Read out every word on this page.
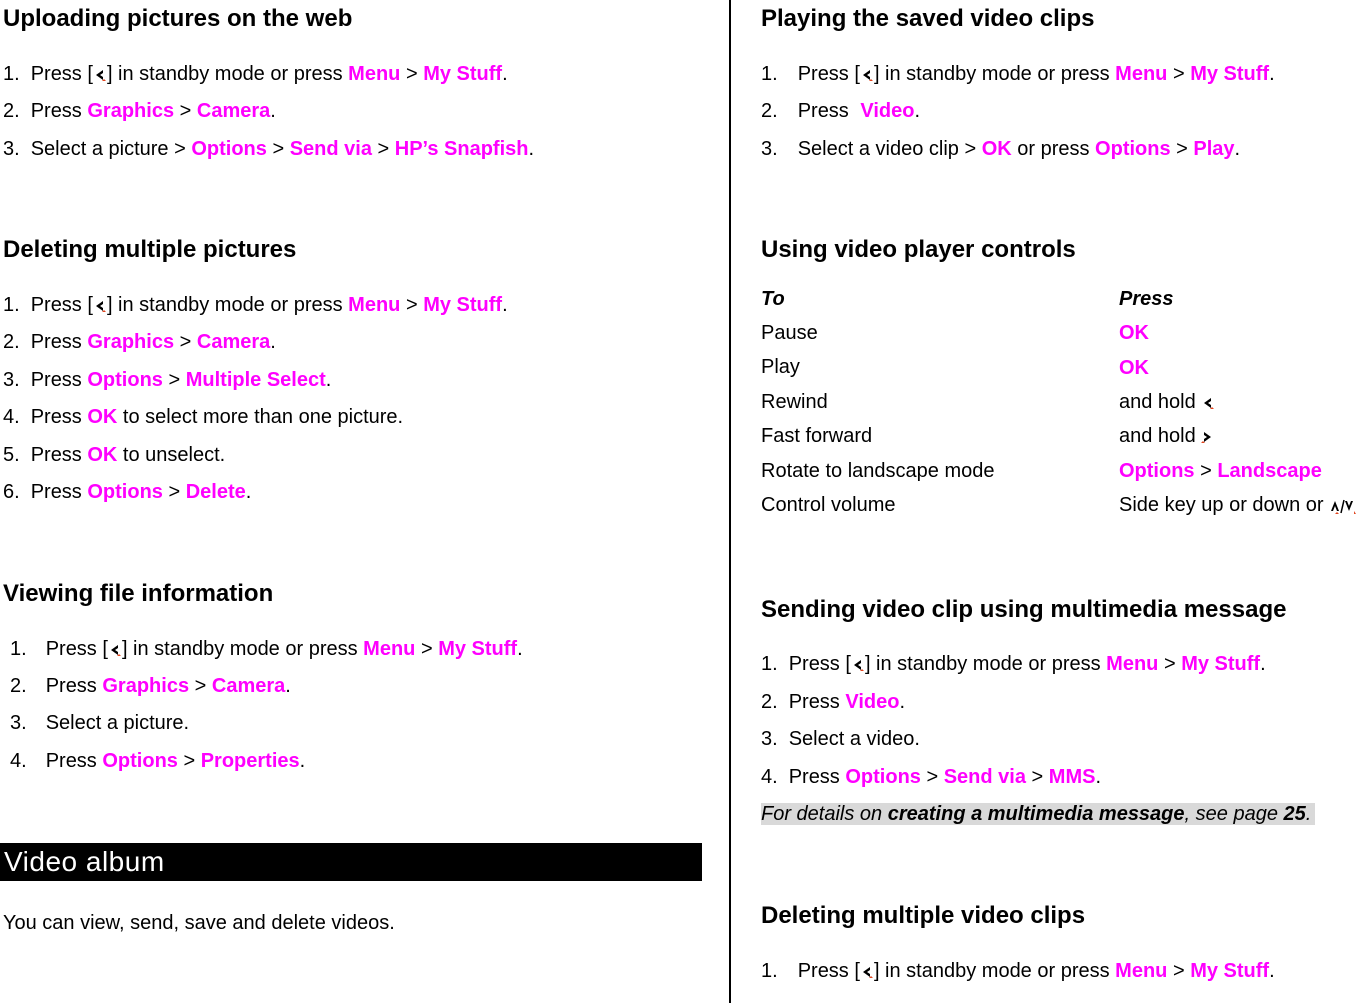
Uploading pictures on the web
1. Press [ ] in standby mode or press Menu > My Stuff.
2. Press Graphics > Camera.
3. Select a picture > Options > Send via > HP’s Snapfish.
Deleting multiple pictures
1. Press [ ] in standby mode or press Menu > My Stuff.
2. Press Graphics > Camera.
3. Press Options > Multiple Select.
4. Press OK to select more than one picture.
5. Press OK to unselect.
6. Press Options > Delete.
Viewing file information
1. Press [ ] in standby mode or press Menu > My Stuff.
2. Press Graphics > Camera.
3. Select a picture.
4. Press Options > Properties.
Video album
You can view, send, save and delete videos.
Playing the saved video clips
1. Press [ ] in standby mode or press Menu > My Stuff.
2. Press Video.
3. Select a video clip > OK or press Options > Play.
Using video player controls
To	Press
Pause	OK
Play	OK
Rewind	and hold
Fast forward	and hold
Rotate to landscape mode	Options > Landscape
Control volume	Side key up or down or
Sending video clip using multimedia message
1. Press [ ] in standby mode or press Menu > My Stuff.
2. Press Video.
3. Select a video.
4. Press Options > Send via > MMS.
For details on creating a multimedia message, see page 25.
Deleting multiple video clips
1. Press [ ] in standby mode or press Menu > My Stuff.
